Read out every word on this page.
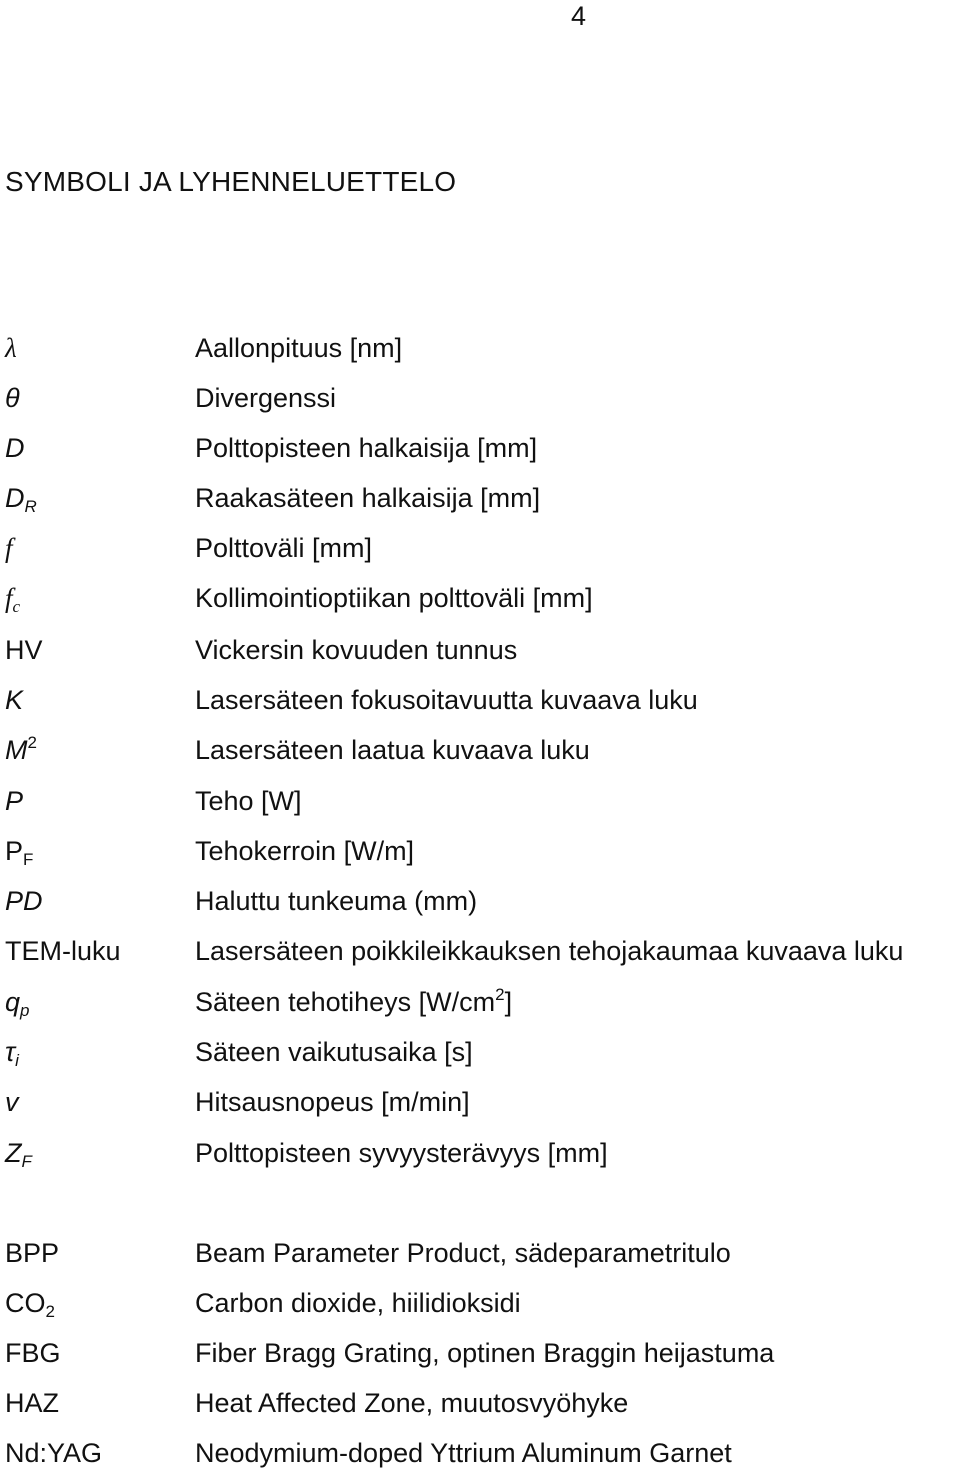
4
SYMBOLI JA LYHENNELUETTELO
λ	Aallonpituus [nm]
θ	Divergenssi
D	Polttopisteen halkaisija [mm]
$D_R$	Raakasäteen halkaisija [mm]
f	Polttoväli [mm]
$f_c$	Kollimointioptiikan polttoväli [mm]
HV	Vickersin kovuuden tunnus
K	Lasersäteen fokusoitavuutta kuvaava luku
$M^2$	Lasersäteen laatua kuvaava luku
P	Teho [W]
$P_F$	Tehokerroin [W/m]
PD	Haluttu tunkeuma (mm)
TEM-luku	Lasersäteen poikkileikkauksen tehojakaumaa kuvaava luku
$q_p$	Säteen tehotiheys $[W/cm^2]$
$\tau_i$	Säteen vaikutusaika [s]
v	Hitsausnopeus [m/min]
$Z_F$	Polttopisteen syvyysterävyys [mm]
BPP	Beam Parameter Product, sädeparametritulo
$CO_2$	Carbon dioxide, hiilidioksidi
FBG	Fiber Bragg Grating, optinen Braggin heijastuma
HAZ	Heat Affected Zone, muutosvyöhyke
Nd:YAG	Neodymium-doped Yttrium Aluminum Garnet
